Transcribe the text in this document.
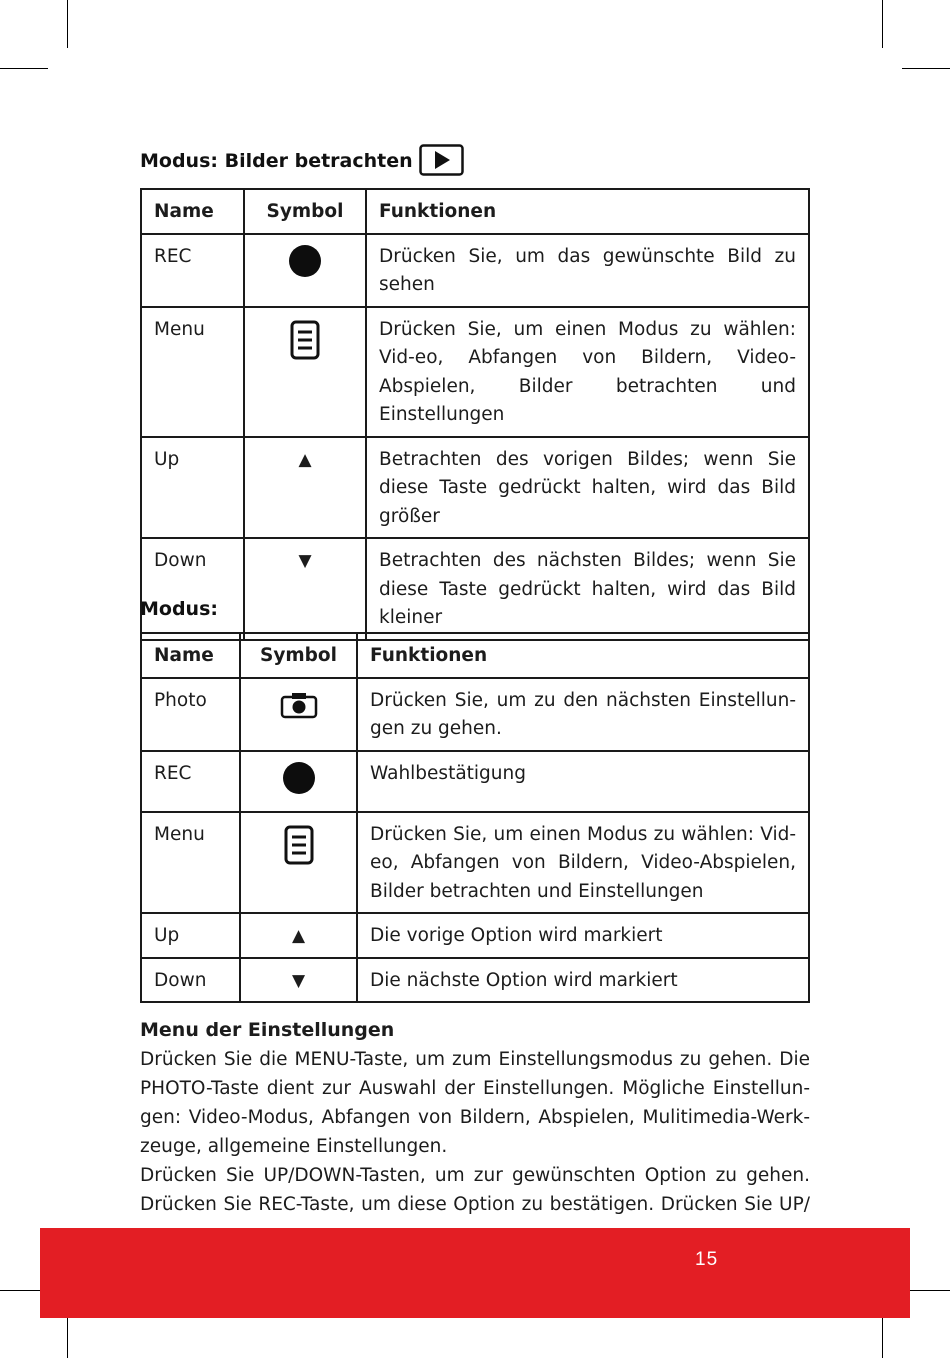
Modus: Bilder betrachten
Name	Symbol	Funktionen
REC		Drücken Sie, um das gewünschte Bild zu sehen
Menu		Drücken Sie, um einen Modus zu wählen: Vid-eo, Abfangen von Bildern, Video-Abspielen, Bilder betrachten und Einstellungen
Up	▲	Betrachten des vorigen Bildes; wenn Sie diese Taste gedrückt halten, wird das Bild größer
Down	▼	Betrachten des nächsten Bildes; wenn Sie diese Taste gedrückt halten, wird das Bild kleiner
Modus:
Name	Symbol	Funktionen
Photo		Drücken Sie, um zu den nächsten Einstellun-gen zu gehen.
REC		Wahlbestätigung
Menu		Drücken Sie, um einen Modus zu wählen: Vid-eo, Abfangen von Bildern, Video-Abspielen, Bilder betrachten und Einstellungen
Up	▲	Die vorige Option wird markiert
Down	▼	Die nächste Option wird markiert
Menu der Einstellungen

Drücken Sie die MENU-Taste, um zum Einstellungsmodus zu gehen. Die PHOTO-Taste dient zur Auswahl der Einstellungen. Mögliche Einstellun-gen: Video-Modus, Abfangen von Bildern, Abspielen, Mulitimedia-Werk-zeuge, allgemeine Einstellungen.

Drücken Sie UP/DOWN-Tasten, um zur gewünschten Option zu gehen. Drücken Sie REC-Taste, um diese Option zu bestätigen. Drücken Sie UP/

15
